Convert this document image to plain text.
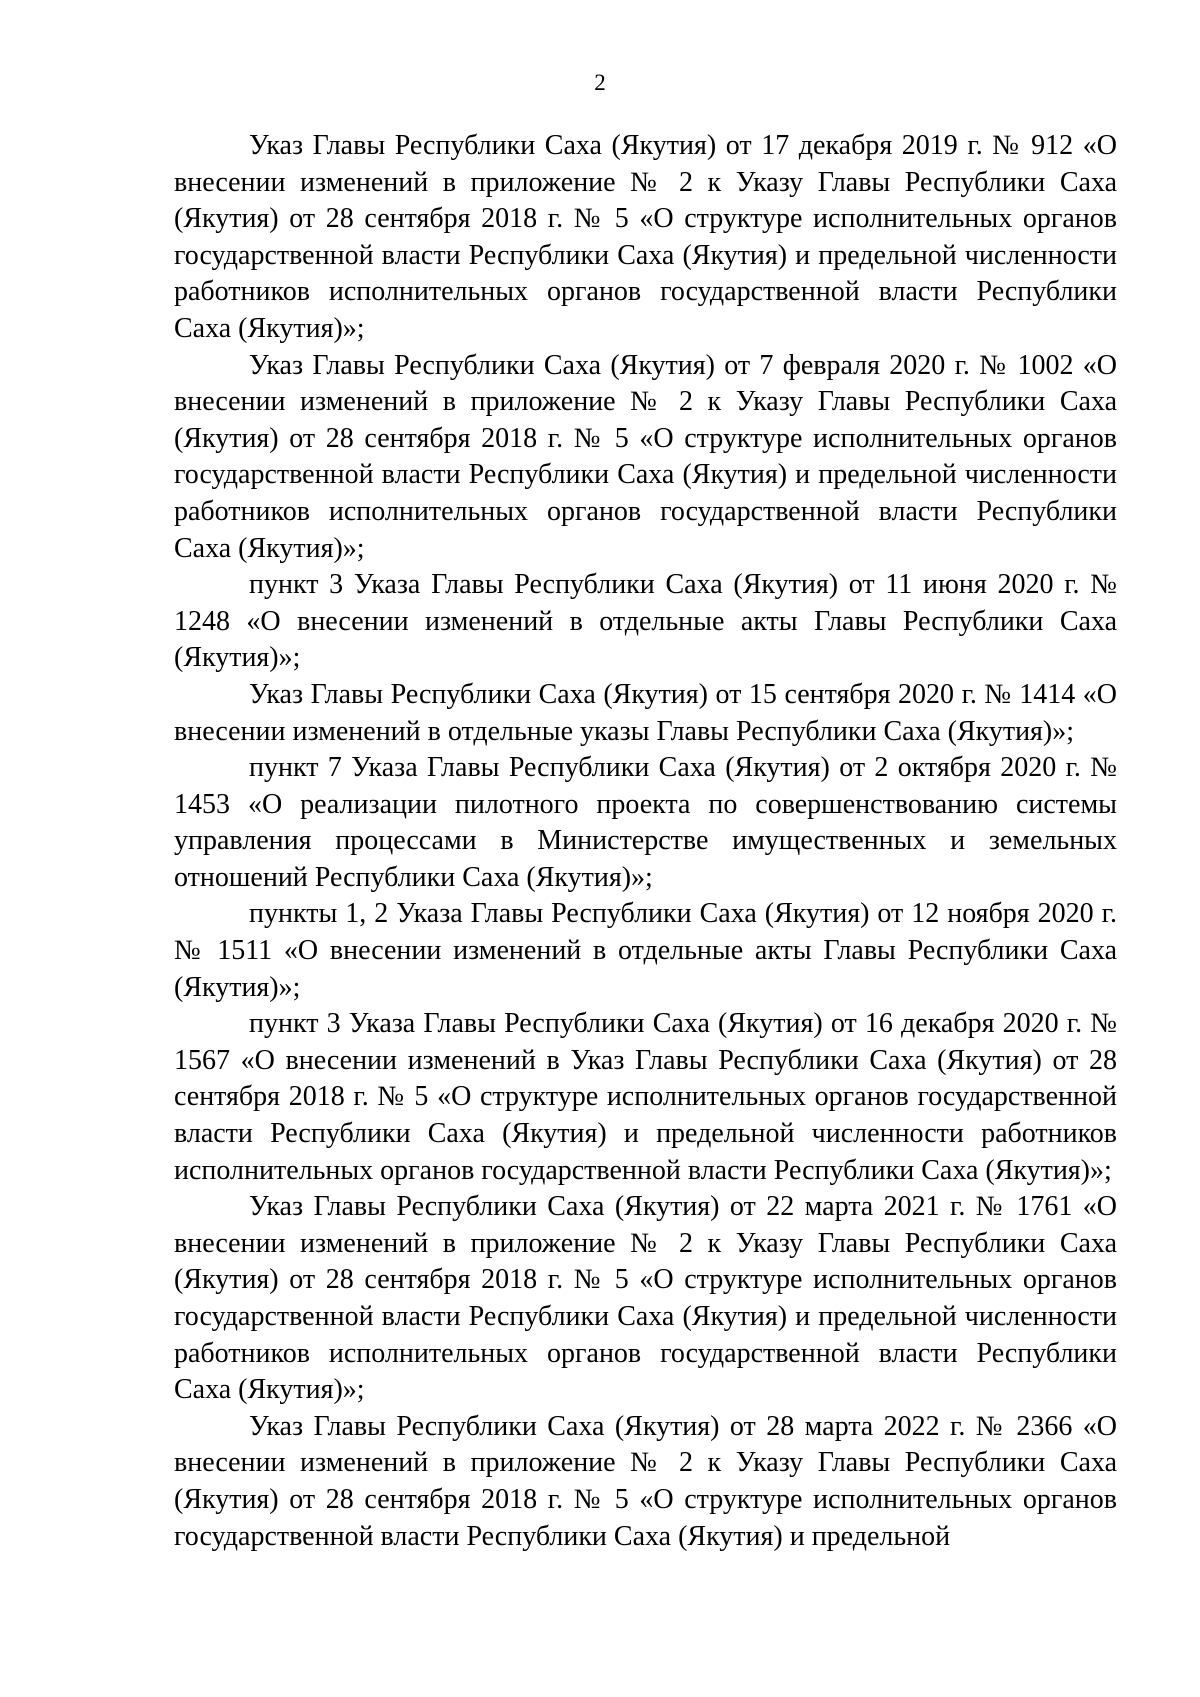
2

Указ Главы Республики Саха (Якутия) от 17 декабря 2019 г. № 912 «О внесении изменений в приложение № 2 к Указу Главы Республики Саха (Якутия) от 28 сентября 2018 г. № 5 «О структуре исполнительных органов государственной власти Республики Саха (Якутия) и предельной численности работников исполнительных органов государственной власти Республики Саха (Якутия)»;

Указ Главы Республики Саха (Якутия) от 7 февраля 2020 г. № 1002 «О внесении изменений в приложение № 2 к Указу Главы Республики Саха (Якутия) от 28 сентября 2018 г. № 5 «О структуре исполнительных органов государственной власти Республики Саха (Якутия) и предельной численности работников исполнительных органов государственной власти Республики Саха (Якутия)»;

пункт 3 Указа Главы Республики Саха (Якутия) от 11 июня 2020 г. № 1248 «О внесении изменений в отдельные акты Главы Республики Саха (Якутия)»;

Указ Главы Республики Саха (Якутия) от 15 сентября 2020 г. № 1414 «О внесении изменений в отдельные указы Главы Республики Саха (Якутия)»;

пункт 7 Указа Главы Республики Саха (Якутия) от 2 октября 2020 г. № 1453 «О реализации пилотного проекта по совершенствованию системы управления процессами в Министерстве имущественных и земельных отношений Республики Саха (Якутия)»;

пункты 1, 2 Указа Главы Республики Саха (Якутия) от 12 ноября 2020 г. № 1511 «О внесении изменений в отдельные акты Главы Республики Саха (Якутия)»;

пункт 3 Указа Главы Республики Саха (Якутия) от 16 декабря 2020 г. № 1567 «О внесении изменений в Указ Главы Республики Саха (Якутия) от 28 сентября 2018 г. № 5 «О структуре исполнительных органов государственной власти Республики Саха (Якутия) и предельной численности работников исполнительных органов государственной власти Республики Саха (Якутия)»;

Указ Главы Республики Саха (Якутия) от 22 марта 2021 г. № 1761 «О внесении изменений в приложение № 2 к Указу Главы Республики Саха (Якутия) от 28 сентября 2018 г. № 5 «О структуре исполнительных органов государственной власти Республики Саха (Якутия) и предельной численности работников исполнительных органов государственной власти Республики Саха (Якутия)»;

Указ Главы Республики Саха (Якутия) от 28 марта 2022 г. № 2366 «О внесении изменений в приложение № 2 к Указу Главы Республики Саха (Якутия) от 28 сентября 2018 г. № 5 «О структуре исполнительных органов государственной власти Республики Саха (Якутия) и предельной
